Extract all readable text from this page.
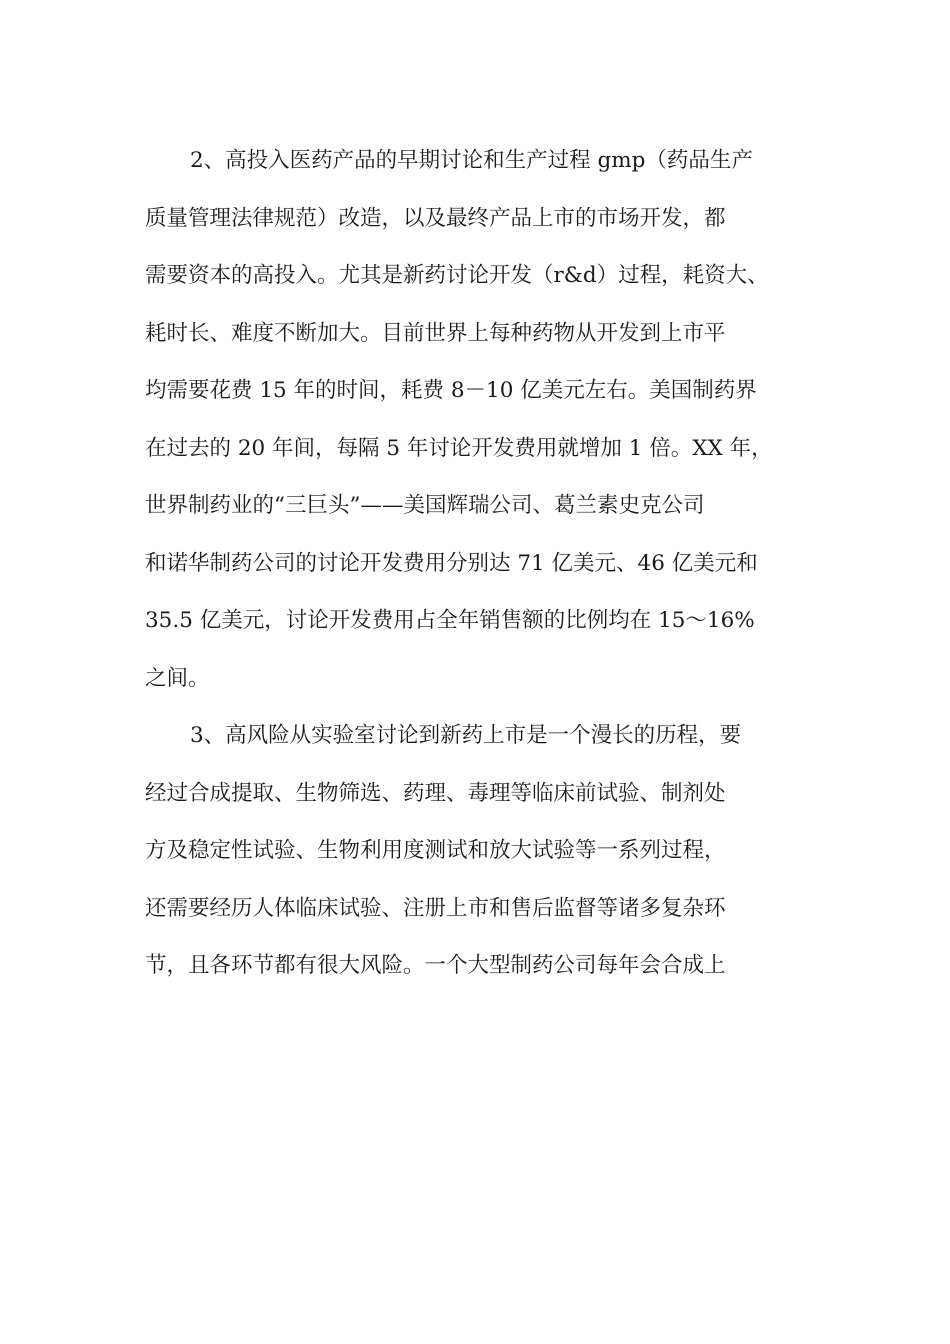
2、高投入医药产品的早期讨论和生产过程 gmp（药品生产
质量管理法律规范）改造，以及最终产品上市的市场开发，都
需要资本的高投入。尤其是新药讨论开发（r&d）过程，耗资大、
耗时长、难度不断加大。目前世界上每种药物从开发到上市平
均需要花费 15 年的时间，耗费 8－10 亿美元左右。美国制药界
在过去的 20 年间，每隔 5 年讨论开发费用就增加 1 倍。XX 年，
世界制药业的“三巨头”——美国辉瑞公司、葛兰素史克公司
和诺华制药公司的讨论开发费用分别达 71 亿美元、46 亿美元和
35.5 亿美元，讨论开发费用占全年销售额的比例均在 15～16%
之间。
3、高风险从实验室讨论到新药上市是一个漫长的历程，要
经过合成提取、生物筛选、药理、毒理等临床前试验、制剂处
方及稳定性试验、生物利用度测试和放大试验等一系列过程，
还需要经历人体临床试验、注册上市和售后监督等诸多复杂环
节，且各环节都有很大风险。一个大型制药公司每年会合成上
